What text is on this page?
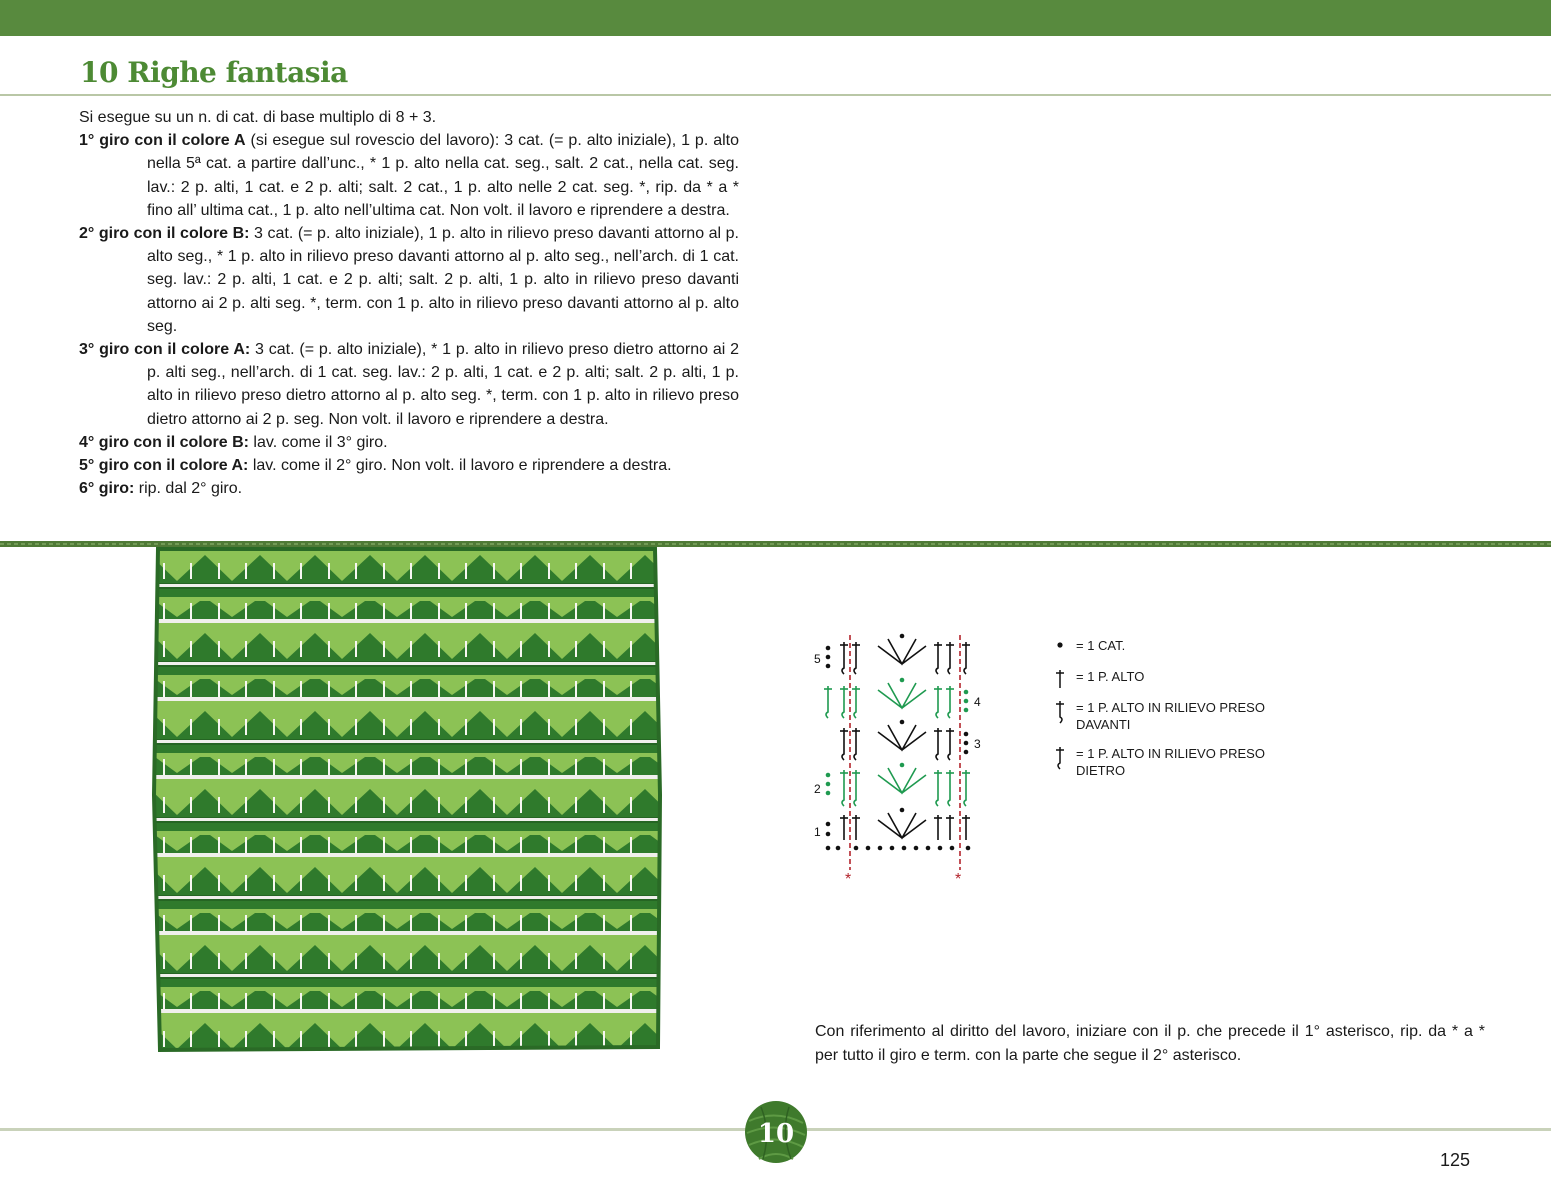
10 Righe fantasia

Si esegue su un n. di cat. di base multiplo di 8 + 3.

1° giro con il colore A (si esegue sul rovescio del lavoro): 3 cat. (= p. alto iniziale), 1 p. alto nella 5ª cat. a partire dall’unc., * 1 p. alto nella cat. seg., salt. 2 cat., nella cat. seg. lav.: 2 p. alti, 1 cat. e 2 p. alti; salt. 2 cat., 1 p. alto nelle 2 cat. seg. *, rip. da * a * fino all’ ultima cat., 1 p. alto nell’ultima cat. Non volt. il lavoro e riprendere a destra.

2° giro con il colore B: 3 cat. (= p. alto iniziale), 1 p. alto in rilievo preso davanti attorno al p. alto seg., * 1 p. alto in rilievo preso davanti attorno al p. alto seg., nell’arch. di 1 cat. seg. lav.: 2 p. alti, 1 cat. e 2 p. alti; salt. 2 p. alti, 1 p. alto in rilievo preso davanti attorno ai 2 p. alti seg. *, term. con 1 p. alto in rilievo preso davanti attorno al p. alto seg.

3° giro con il colore A: 3 cat. (= p. alto iniziale), * 1 p. alto in rilievo preso dietro attorno ai 2 p. alti seg., nell’arch. di 1 cat. seg. lav.: 2 p. alti, 1 cat. e 2 p. alti; salt. 2 p. alti, 1 p. alto in rilievo preso dietro attorno al p. alto seg. *, term. con 1 p. alto in rilievo preso dietro attorno ai 2 p. seg. Non volt. il lavoro e riprendere a destra.

4° giro con il colore B: lav. come il 3° giro.

5° giro con il colore A: lav. come il 2° giro. Non volt. il lavoro e riprendere a destra.

6° giro: rip. dal 2° giro.

*	*
1
2
3
4
5
= 1 CAT.
= 1 P. ALTO
= 1 P. ALTO IN RILIEVO PRESO DAVANTI
= 1 P. ALTO IN RILIEVO PRESO DIETRO

Con riferimento al diritto del lavoro, iniziare con il p. che precede il 1° asterisco, rip. da * a * per tutto il giro e term. con la parte che segue il 2° asterisco.

10
125
